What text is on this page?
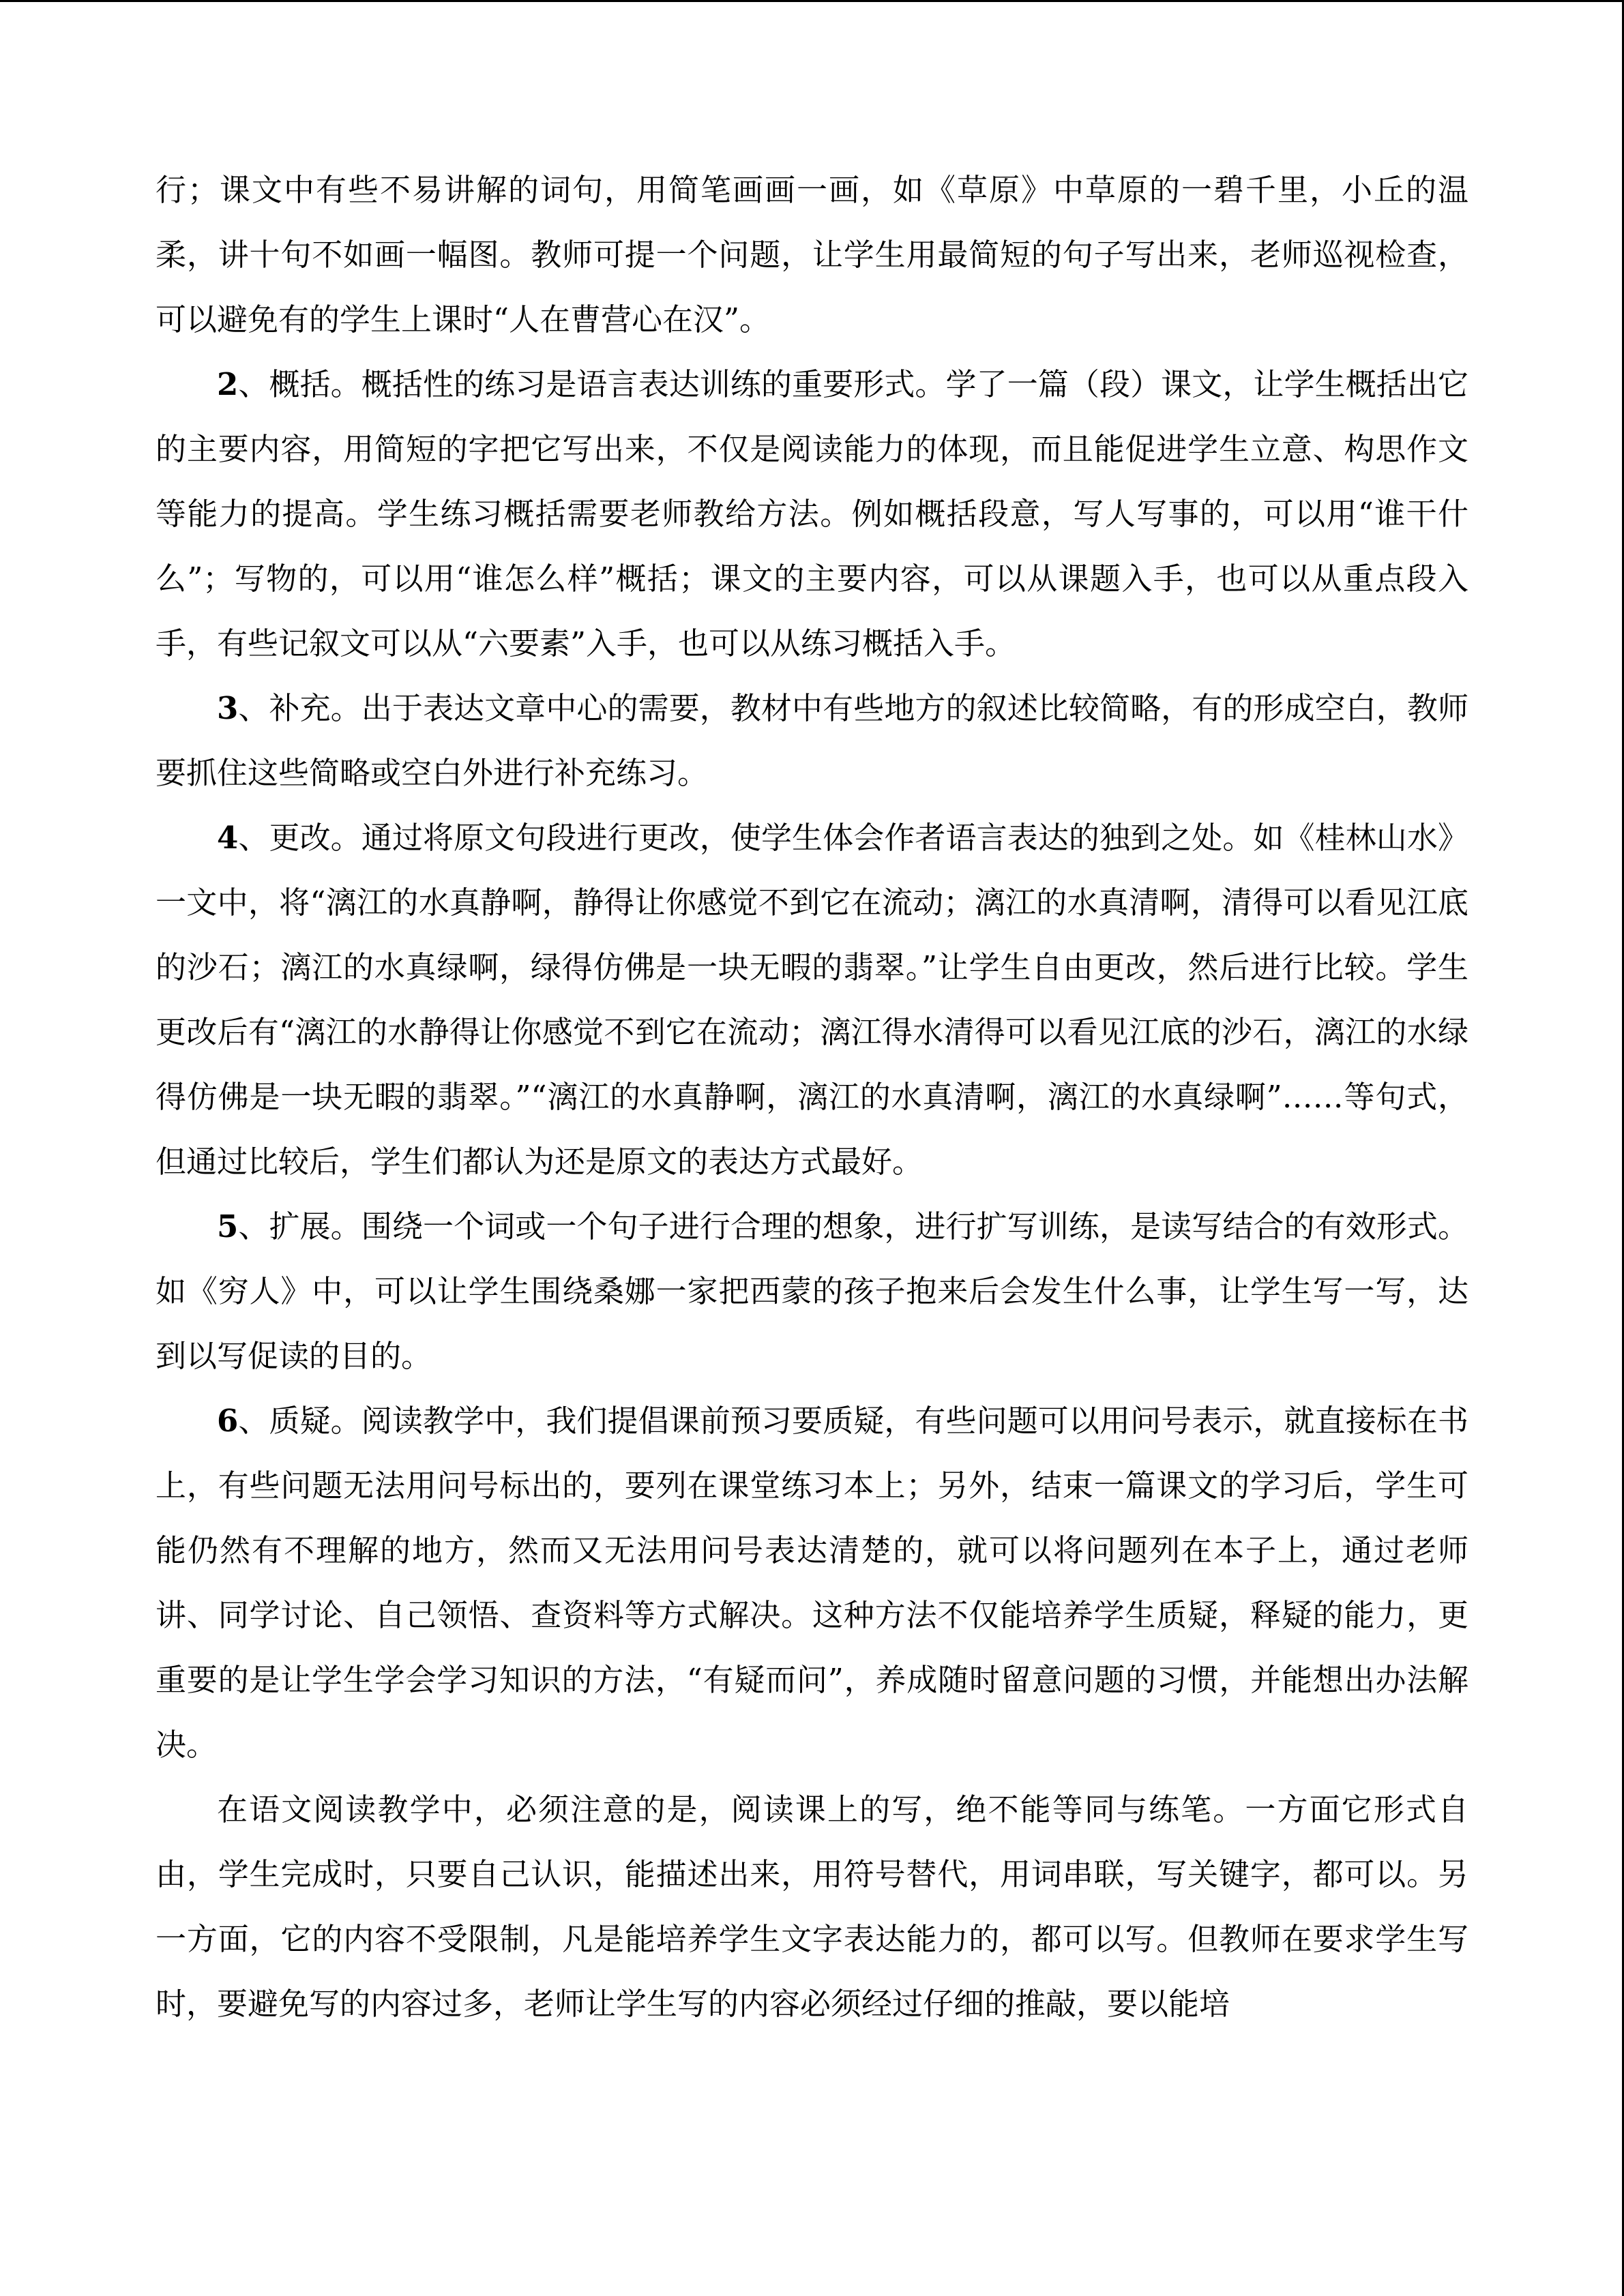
行；课文中有些不易讲解的词句，用简笔画画一画，如《草原》中草原的一碧千里，小丘的温柔，讲十句不如画一幅图。教师可提一个问题，让学生用最简短的句子写出来，老师巡视检查，可以避免有的学生上课时“人在曹营心在汉”。

2、概括。概括性的练习是语言表达训练的重要形式。学了一篇（段）课文，让学生概括出它的主要内容，用简短的字把它写出来，不仅是阅读能力的体现，而且能促进学生立意、构思作文等能力的提高。学生练习概括需要老师教给方法。例如概括段意，写人写事的，可以用“谁干什么”；写物的，可以用“谁怎么样”概括；课文的主要内容，可以从课题入手，也可以从重点段入手，有些记叙文可以从“六要素”入手，也可以从练习概括入手。

3、补充。出于表达文章中心的需要，教材中有些地方的叙述比较简略，有的形成空白，教师要抓住这些简略或空白外进行补充练习。

4、更改。通过将原文句段进行更改，使学生体会作者语言表达的独到之处。如《桂林山水》一文中，将“漓江的水真静啊，静得让你感觉不到它在流动；漓江的水真清啊，清得可以看见江底的沙石；漓江的水真绿啊，绿得仿佛是一块无暇的翡翠。”让学生自由更改，然后进行比较。学生更改后有“漓江的水静得让你感觉不到它在流动；漓江得水清得可以看见江底的沙石，漓江的水绿得仿佛是一块无暇的翡翠。”“漓江的水真静啊，漓江的水真清啊，漓江的水真绿啊”……等句式，但通过比较后，学生们都认为还是原文的表达方式最好。

5、扩展。围绕一个词或一个句子进行合理的想象，进行扩写训练，是读写结合的有效形式。如《穷人》中，可以让学生围绕桑娜一家把西蒙的孩子抱来后会发生什么事，让学生写一写，达到以写促读的目的。

6、质疑。阅读教学中，我们提倡课前预习要质疑，有些问题可以用问号表示，就直接标在书上，有些问题无法用问号标出的，要列在课堂练习本上；另外，结束一篇课文的学习后，学生可能仍然有不理解的地方，然而又无法用问号表达清楚的，就可以将问题列在本子上，通过老师讲、同学讨论、自己领悟、查资料等方式解决。这种方法不仅能培养学生质疑，释疑的能力，更重要的是让学生学会学习知识的方法，“有疑而问”，养成随时留意问题的习惯，并能想出办法解决。

在语文阅读教学中，必须注意的是，阅读课上的写，绝不能等同与练笔。一方面它形式自由，学生完成时，只要自己认识，能描述出来，用符号替代，用词串联，写关键字，都可以。另一方面，它的内容不受限制，凡是能培养学生文字表达能力的，都可以写。但教师在要求学生写时，要避免写的内容过多，老师让学生写的内容必须经过仔细的推敲，要以能培
